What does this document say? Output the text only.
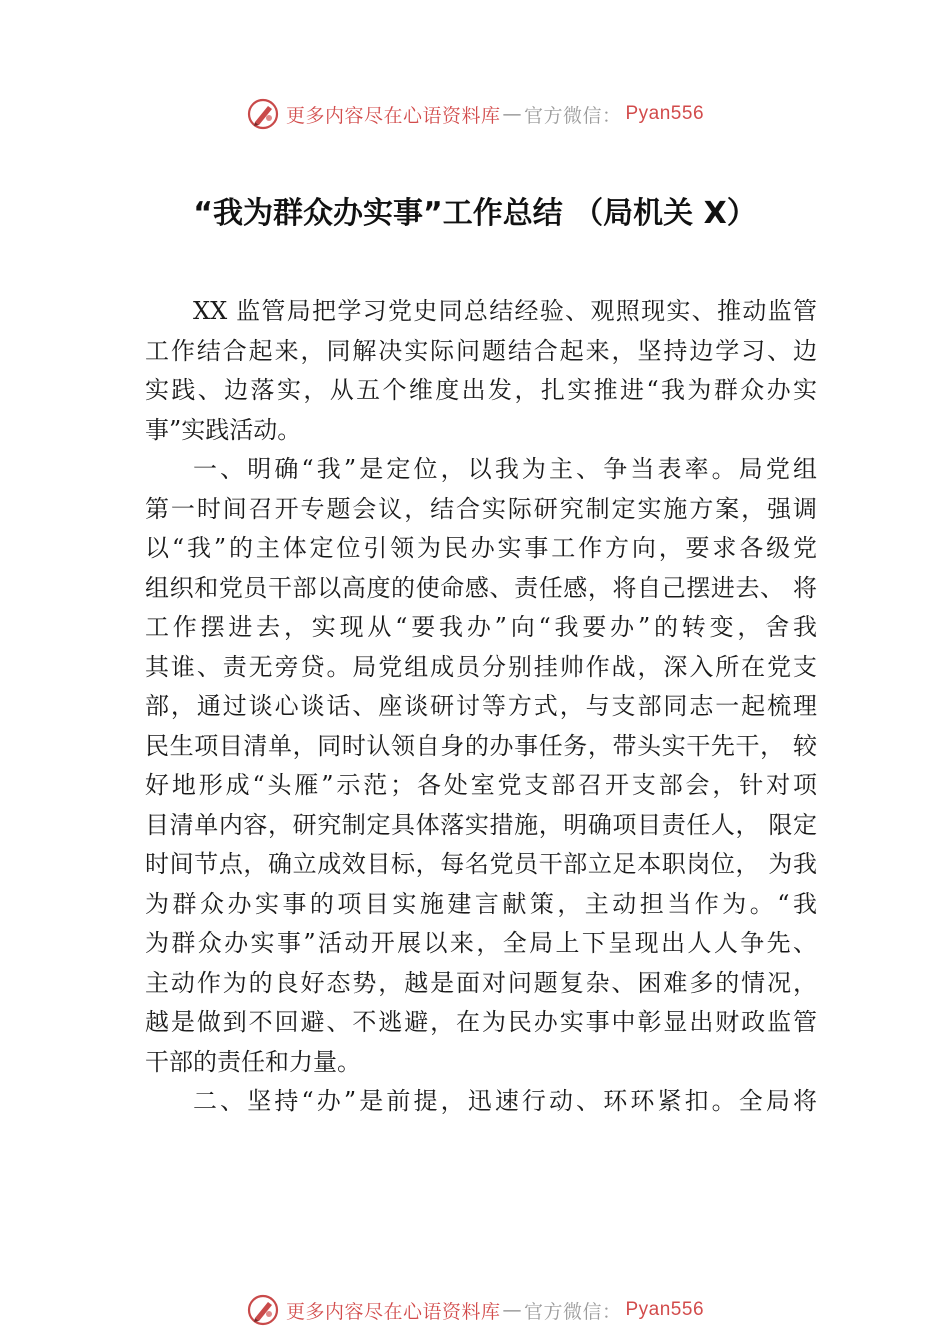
更多内容尽在心语资料库 — 官方微信： Pyan556
“我为群众办实事”工作总结 （局机关 X）
XX 监管局把学习党史同总结经验、观照现实、推动监管
工作结合起来，同解决实际问题结合起来，坚持边学习、边
实践、边落实，从五个维度出发，扎实推进“我为群众办实
事”实践活动。
一、明确“我”是定位，以我为主、争当表率。局党组
第一时间召开专题会议，结合实际研究制定实施方案，强调
以“我”的主体定位引领为民办实事工作方向，要求各级党
组织和党员干部以高度的使命感、责任感，将自己摆进去、 将
工作摆进去，实现从“要我办”向“我要办”的转变，舍我
其谁、责无旁贷。局党组成员分别挂帅作战，深入所在党支
部，通过谈心谈话、座谈研讨等方式，与支部同志一起梳理
民生项目清单，同时认领自身的办事任务，带头实干先干， 较
好地形成“头雁”示范；各处室党支部召开支部会，针对项
目清单内容，研究制定具体落实措施，明确项目责任人， 限定
时间节点，确立成效目标，每名党员干部立足本职岗位， 为我
为群众办实事的项目实施建言献策，主动担当作为。“我
为群众办实事”活动开展以来，全局上下呈现出人人争先、
主动作为的良好态势，越是面对问题复杂、困难多的情况，
越是做到不回避、不逃避，在为民办实事中彰显出财政监管
干部的责任和力量。
二、坚持“办”是前提，迅速行动、环环紧扣。全局将
更多内容尽在心语资料库 — 官方微信： Pyan556
